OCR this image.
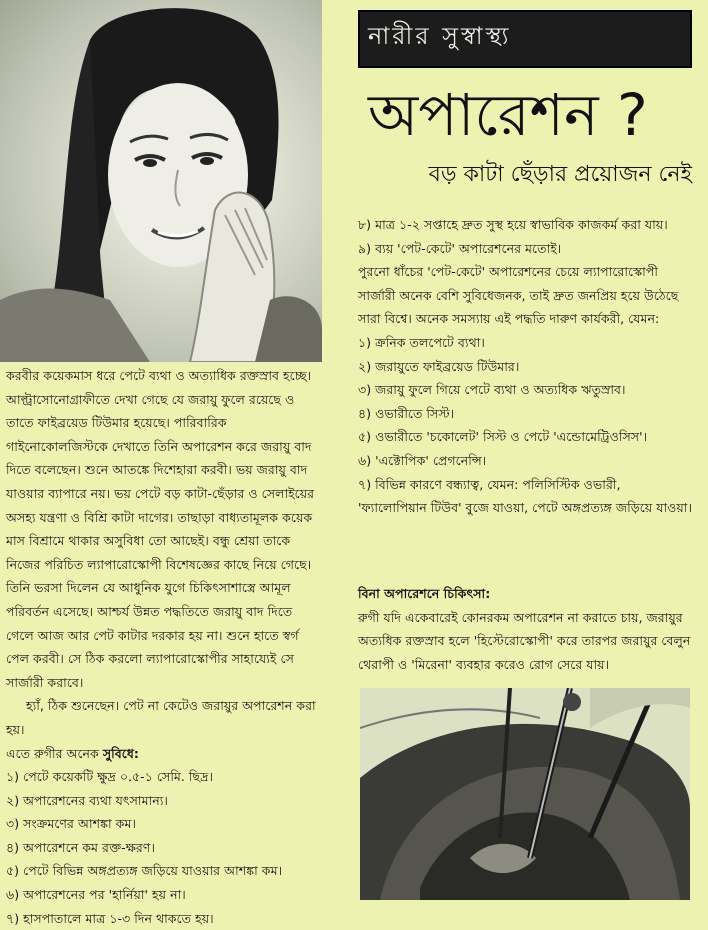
নারীর সুস্বাস্থ্য
অপারেশন ?
বড় কাটা ছেঁড়ার প্রয়োজন নেই

করবীর কয়েকমাস ধরে পেটে ব্যথা ও অত্যাধিক রক্তস্রাব হচ্ছে। আল্ট্রাসোনোগ্রাফীতে দেখা গেছে যে জরায়ু ফুলে রয়েছে ও তাতে ফাইব্রয়েড টিউমার হয়েছে। পারিবারিক গাইনোকোলজিস্টকে দেখাতে তিনি অপারেশন করে জরায়ু বাদ দিতে বলেছেন। শুনে আতঙ্কে দিশেহারা করবী। ভয় জরায়ু বাদ যাওয়ার ব্যাপারে নয়। ভয় পেটে বড় কাটা-ছেঁড়ার ও সেলাইয়ের অসহ্য যন্ত্রণা ও বিশ্রি কাটা দাগের। তাছাড়া বাধ্যতামূলক কয়েক মাস বিশ্রামে থাকার অসুবিধা তো আছেই। বন্ধু শ্রেয়া তাকে নিজের পরিচিত ল্যাপারোস্কোপী বিশেষজ্ঞের কাছে নিয়ে গেছে। তিনি ভরসা দিলেন যে আধুনিক যুগে চিকিৎসাশাস্ত্রে আমূল পরিবর্তন এসেছে। আশ্চর্য উন্নত পদ্ধতিতে জরায়ু বাদ দিতে গেলে আজ আর পেট কাটার দরকার হয় না। শুনে হাতে স্বর্গ পেল করবী। সে ঠিক করলো ল্যাপারোস্কোপীর সাহায্যেই সে সার্জারী করাবে।

হ্যাঁ, ঠিক শুনেছেন। পেট না কেটেও জরায়ুর অপারেশন করা হয়।

এতে রুগীর অনেক সুবিধে:

১) পেটে কয়েকটি ক্ষুদ্র ০.৫-১ সেমি. ছিদ্র।

২) অপারেশনের ব্যথা যৎসামান্য।

৩) সংক্রমণের আশঙ্কা কম।

৪) অপারেশনে কম রক্ত-ক্ষরণ।

৫) পেটে বিভিন্ন অঙ্গপ্রত্যঙ্গ জড়িয়ে যাওয়ার আশঙ্কা কম।

৬) অপারেশনের পর 'হার্নিয়া' হয় না।

৭) হাসপাতালে মাত্র ১-৩ দিন থাকতে হয়।

৮) মাত্র ১-২ সপ্তাহে দ্রুত সুস্থ হয়ে স্বাভাবিক কাজকর্ম করা যায়।

৯) ব্যয় 'পেট-কেটে' অপারেশনের মতোই।

পুরনো ধাঁচের 'পেট-কেটে' অপারেশনের চেয়ে ল্যাপারোস্কোপী সার্জারী অনেক বেশি সুবিধেজনক, তাই দ্রুত জনপ্রিয় হয়ে উঠেছে সারা বিশ্বে। অনেক সমস্যায় এই পদ্ধতি দারুণ কার্যকরী, যেমন:

১) ক্রনিক তলপেটে ব্যথা।

২) জরায়ুতে ফাইব্রয়েড টিউমার।

৩) জরায়ু ফুলে গিয়ে পেটে ব্যথা ও অত্যধিক ঋতুস্রাব।

৪) ওভারীতে সিস্ট।

৫) ওভারীতে 'চকোলেট' সিস্ট ও পেটে 'এন্ডোমেট্রিওসিস'।

৬) 'এক্টোপিক' প্রেগনেন্সি।

৭) বিভিন্ন কারণে বন্ধ্যাত্ব, যেমন: পলিসিস্টিক ওভারী, 'ফ্যালোপিয়ান টিউব' বুজে যাওয়া, পেটে অঙ্গপ্রত্যঙ্গ জড়িয়ে যাওয়া।

বিনা অপারেশনে চিকিৎসা:

রুগী যদি একেবারেই কোনরকম অপারেশন না করাতে চায়, জরায়ুর অত্যধিক রক্তস্রাব হলে 'হিস্টেরোস্কোপী' করে তারপর জরায়ুর বেলুন থেরাপী ও 'মিরেনা' ব্যবহার করেও রোগ সেরে যায়।
